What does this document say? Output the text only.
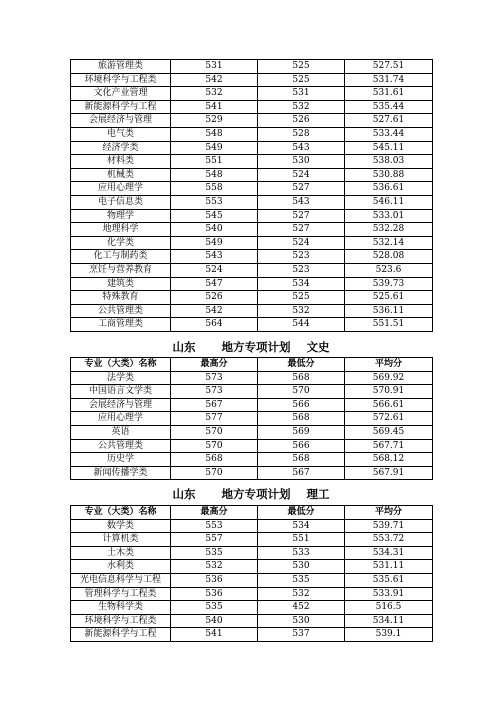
旅游管理类	531	525	527.51
环境科学与工程类	542	525	531.74
文化产业管理	532	531	531.61
新能源科学与工程	541	532	535.44
会展经济与管理	529	526	527.61
电气类	548	528	533.44
经济学类	549	543	545.11
材料类	551	530	538.03
机械类	548	524	530.88
应用心理学	558	527	536.61
电子信息类	553	543	546.11
物理学	545	527	533.01
地理科学	540	527	532.28
化学类	549	524	532.14
化工与制药类	543	523	528.08
烹饪与营养教育	524	523	523.6
建筑类	547	534	539.73
特殊教育	526	525	525.61
公共管理类	542	532	536.11
工商管理类	564	544	551.51
山东 地方专项计划 文史
专业（大类）名称	最高分	最低分	平均分
法学类	573	568	569.92
中国语言文学类	573	570	570.91
会展经济与管理	567	566	566.61
应用心理学	577	568	572.61
英语	570	569	569.45
公共管理类	570	566	567.71
历史学	568	568	568.12
新闻传播学类	570	567	567.91
山东 地方专项计划 理工
专业（大类）名称	最高分	最低分	平均分
数学类	553	534	539.71
计算机类	557	551	553.72
土木类	535	533	534.31
水利类	532	530	531.11
光电信息科学与工程	536	535	535.61
管理科学与工程类	536	532	533.91
生物科学类	535	452	516.5
环境科学与工程类	540	530	534.11
新能源科学与工程	541	537	539.1
